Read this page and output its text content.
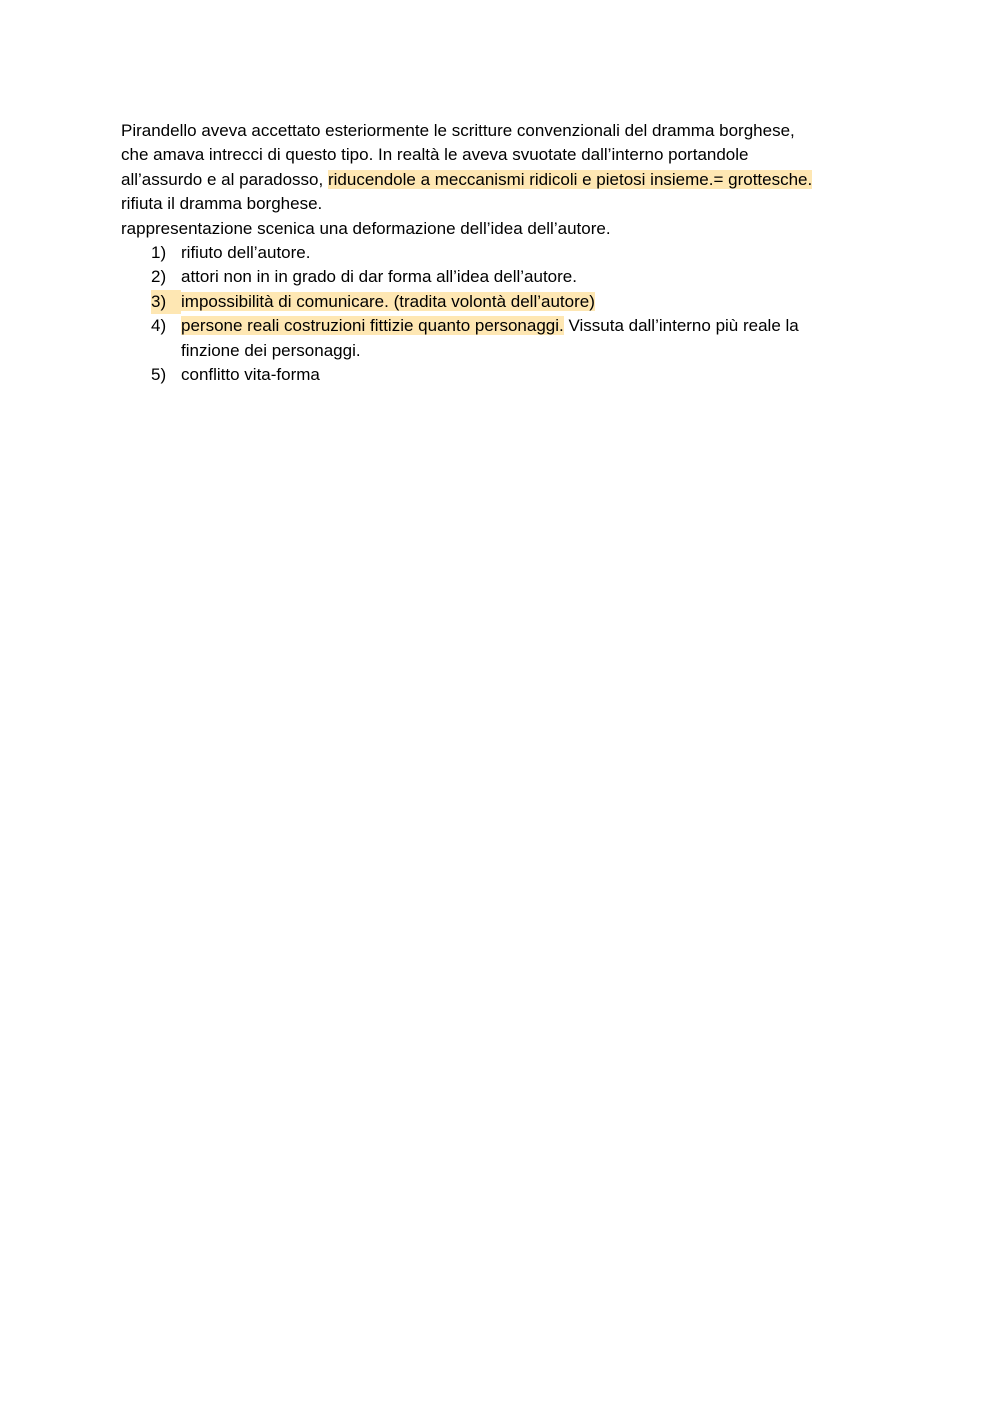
Pirandello aveva accettato esteriormente le scritture convenzionali del dramma borghese,
che amava intrecci di questo tipo. In realtà le aveva svuotate dall’interno portandole
all’assurdo e al paradosso, riducendole a meccanismi ridicoli e pietosi insieme.= grottesche.
rifiuta il dramma borghese.
rappresentazione scenica una deformazione dell’idea dell’autore.
1) rifiuto dell’autore.
2) attori non in in grado di dar forma all’idea dell’autore.
3) impossibilità di comunicare. (tradita volontà dell’autore)
4) persone reali costruzioni fittizie quanto personaggi. Vissuta dall’interno più reale la
finzione dei personaggi.
5) conflitto vita-forma
